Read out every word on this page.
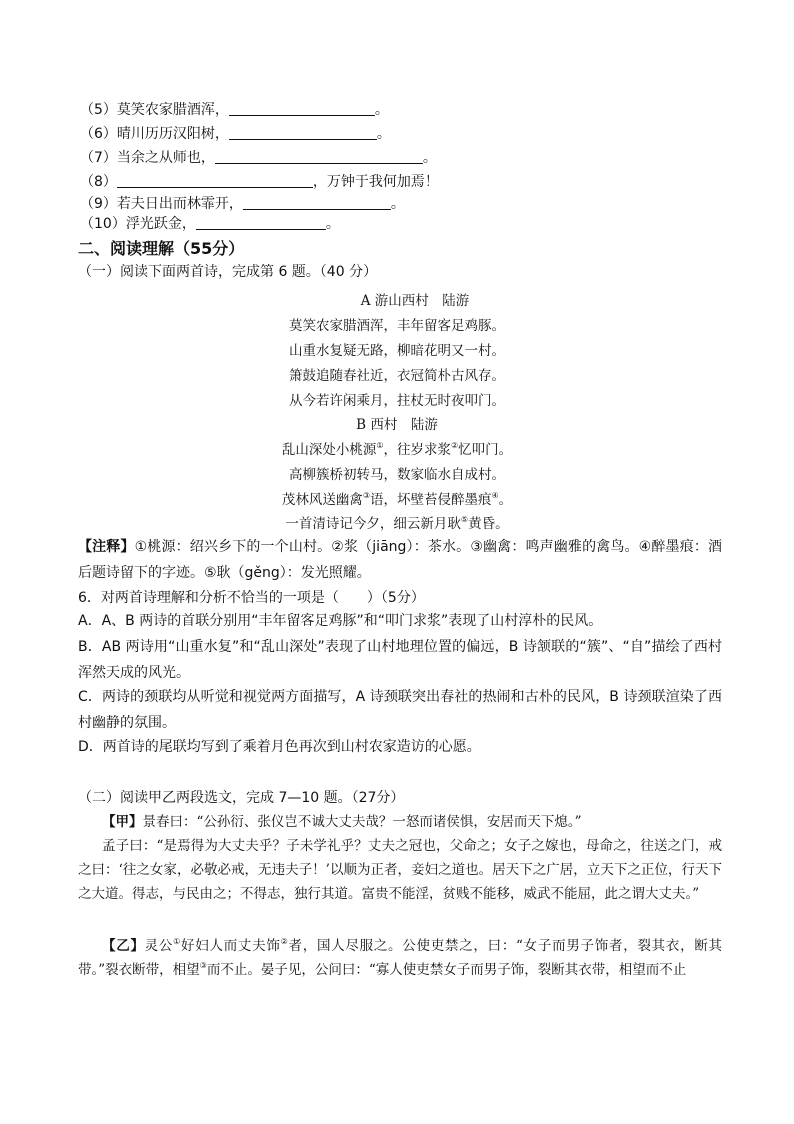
（5）莫笑农家腊酒浑，	。
（6）晴川历历汉阳树，	。
（7）当余之从师也，	。
（8）	，万钟于我何加焉！
（9）若夫日出而林霏开，	。
（10）浮光跃金，	。
二、阅读理解（55分）
（一）阅读下面两首诗，完成第 6 题。（40 分）
A 游山西村　陆游
莫笑农家腊酒浑，丰年留客足鸡豚。
山重水复疑无路，柳暗花明又一村。
箫鼓追随春社近，衣冠简朴古风存。
从今若许闲乘月，拄杖无时夜叩门。
B 西村　陆游
乱山深处小桃源①，往岁求浆②忆叩门。
高柳簇桥初转马，数家临水自成村。
茂林风送幽禽③语，坏壁苔侵醉墨痕④。
一首清诗记今夕，细云新月耿⑤黄昏。
【注释】①桃源：绍兴乡下的一个山村。②浆（jiāng）：茶水。③幽禽：鸣声幽雅的禽鸟。④醉墨痕：酒后题诗留下的字迹。⑤耿（gěng）：发光照耀。
6．对两首诗理解和分析不恰当的一项是（　　）（5分）
A．A、B 两诗的首联分别用“丰年留客足鸡豚”和“叩门求浆”表现了山村淳朴的民风。
B．AB 两诗用“山重水复”和“乱山深处”表现了山村地理位置的偏远，B 诗颔联的“簇”、“自”描绘了西村浑然天成的风光。
C．两诗的颈联均从听觉和视觉两方面描写，A 诗颈联突出春社的热闹和古朴的民风，B 诗颈联渲染了西村幽静的氛围。
D．两首诗的尾联均写到了乘着月色再次到山村农家造访的心愿。
（二）阅读甲乙两段选文，完成 7—10 题。（27分）
【甲】景春曰：“公孙衍、张仪岂不诚大丈夫哉？一怒而诸侯惧，安居而天下熄。”
孟子曰：“是焉得为大丈夫乎？子未学礼乎？丈夫之冠也，父命之；女子之嫁也，母命之，往送之门，戒之曰：‘往之女家，必敬必戒，无违夫子！’以顺为正者，妾妇之道也。居天下之广居，立天下之正位，行天下之大道。得志，与民由之；不得志，独行其道。富贵不能淫，贫贱不能移，威武不能屈，此之谓大丈夫。”
【乙】灵公①好妇人而丈夫饰②者，国人尽服之。公使吏禁之，曰：“女子而男子饰者，裂其衣，断其带。”裂衣断带，相望③而不止。晏子见，公问曰：“寡人使吏禁女子而男子饰，裂断其衣带，相望而不止
